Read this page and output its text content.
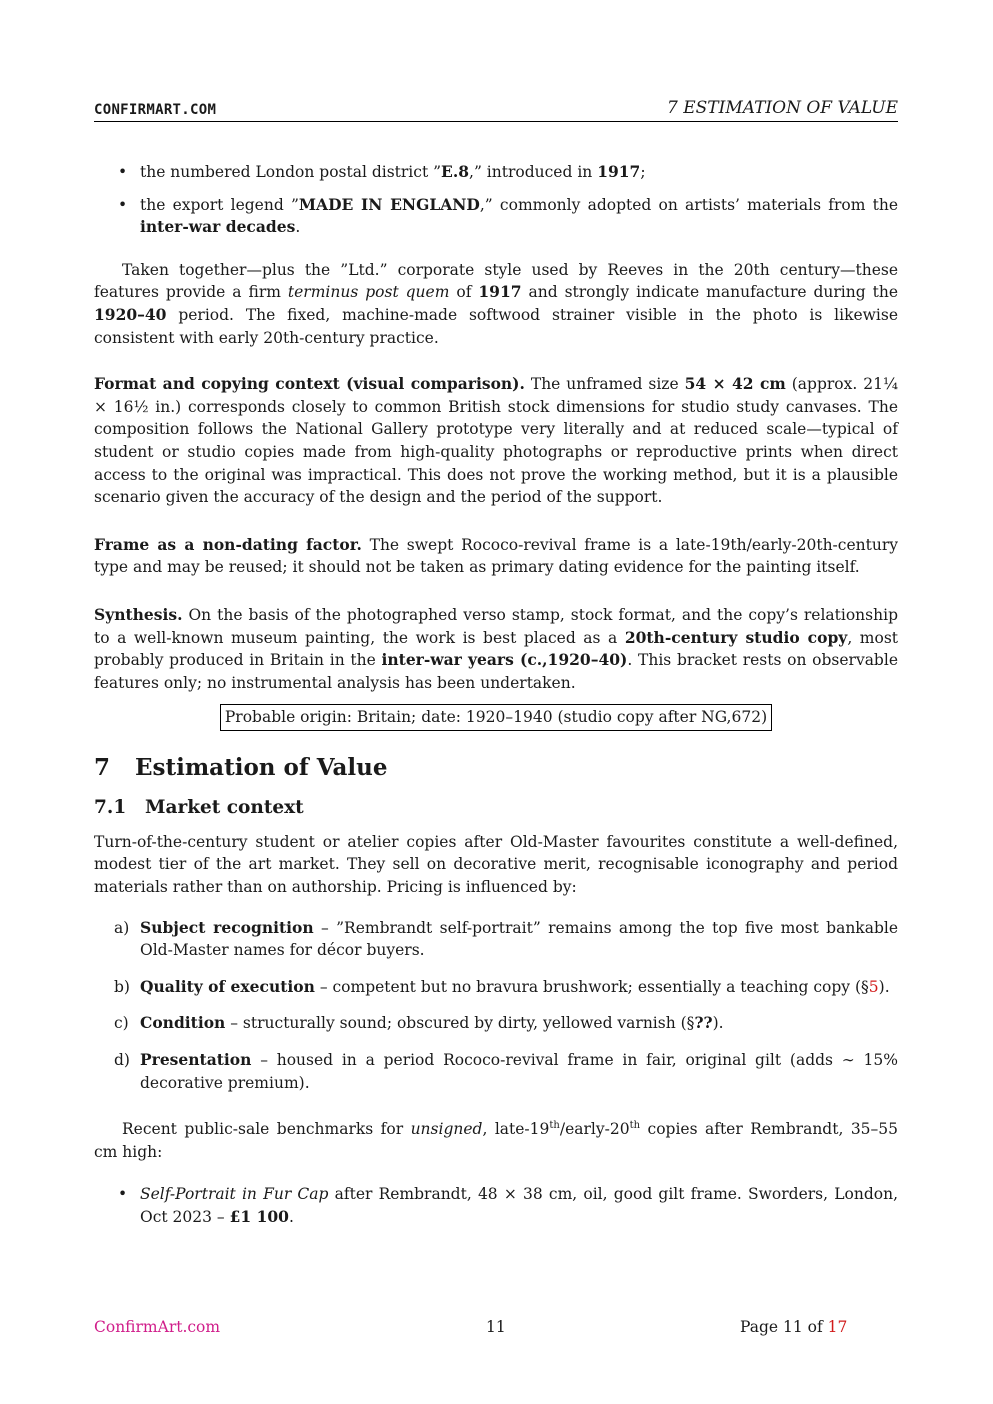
CONFIRMART.COM	7 ESTIMATION OF VALUE
• the numbered London postal district ”E.8,” introduced in 1917;
• the export legend ”MADE IN ENGLAND,” commonly adopted on artists’ materials from the inter-war decades.

Taken together—plus the ”Ltd.” corporate style used by Reeves in the 20th century—these features provide a firm terminus post quem of 1917 and strongly indicate manufacture during the 1920–40 period. The fixed, machine-made softwood strainer visible in the photo is likewise consistent with early 20th-century practice.

Format and copying context (visual comparison). The unframed size 54 × 42 cm (approx. 21¼ × 16½ in.) corresponds closely to common British stock dimensions for studio study canvases. The composition follows the National Gallery prototype very literally and at reduced scale—typical of student or studio copies made from high-quality photographs or reproductive prints when direct access to the original was impractical. This does not prove the working method, but it is a plausible scenario given the accuracy of the design and the period of the support.

Frame as a non-dating factor. The swept Rococo-revival frame is a late-19th/early-20th-century type and may be reused; it should not be taken as primary dating evidence for the painting itself.

Synthesis. On the basis of the photographed verso stamp, stock format, and the copy’s relationship to a well-known museum painting, the work is best placed as a 20th-century studio copy, most probably produced in Britain in the inter-war years (c.,1920–40). This bracket rests on observable features only; no instrumental analysis has been undertaken.

Probable origin: Britain; date: 1920–1940 (studio copy after NG,672)
7 Estimation of Value
7.1 Market context

Turn-of-the-century student or atelier copies after Old-Master favourites constitute a well-defined, modest tier of the art market. They sell on decorative merit, recognisable iconography and period materials rather than on authorship. Pricing is influenced by:

a) Subject recognition – ”Rembrandt self-portrait” remains among the top five most bankable Old-Master names for décor buyers.
b) Quality of execution – competent but no bravura brushwork; essentially a teaching copy (§5).
c) Condition – structurally sound; obscured by dirty, yellowed varnish (§??).
d) Presentation – housed in a period Rococo-revival frame in fair, original gilt (adds ∼ 15% decorative premium).

Recent public-sale benchmarks for unsigned, late-19th/early-20th copies after Rembrandt, 35–55 cm high:

• Self-Portrait in Fur Cap after Rembrandt, 48 × 38 cm, oil, good gilt frame. Sworders, London, Oct 2023 – £1 100.
ConfirmArt.com	11	Page 11 of 17
